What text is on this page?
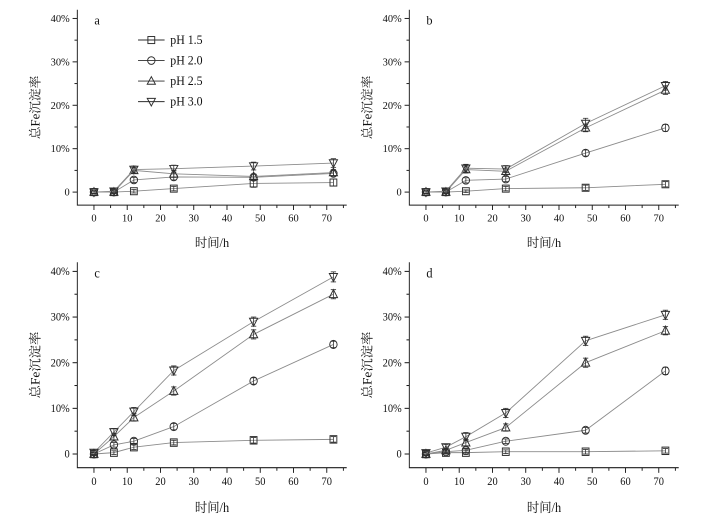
0 10 20 30 40 50 60 70
0
10%
20%
30%
40%
时间/h
总Fe沉淀率
a
pH 1.5
pH 2.0
pH 2.5
pH 3.0
0 10 20 30 40 50 60 70
0
10%
20%
30%
40%
时间/h
总Fe沉淀率
b
0 10 20 30 40 50 60 70
0
10%
20%
30%
40%
时间/h
总Fe沉淀率
c
0 10 20 30 40 50 60 70
0
10%
20%
30%
40%
时间/h
总Fe沉淀率
d
